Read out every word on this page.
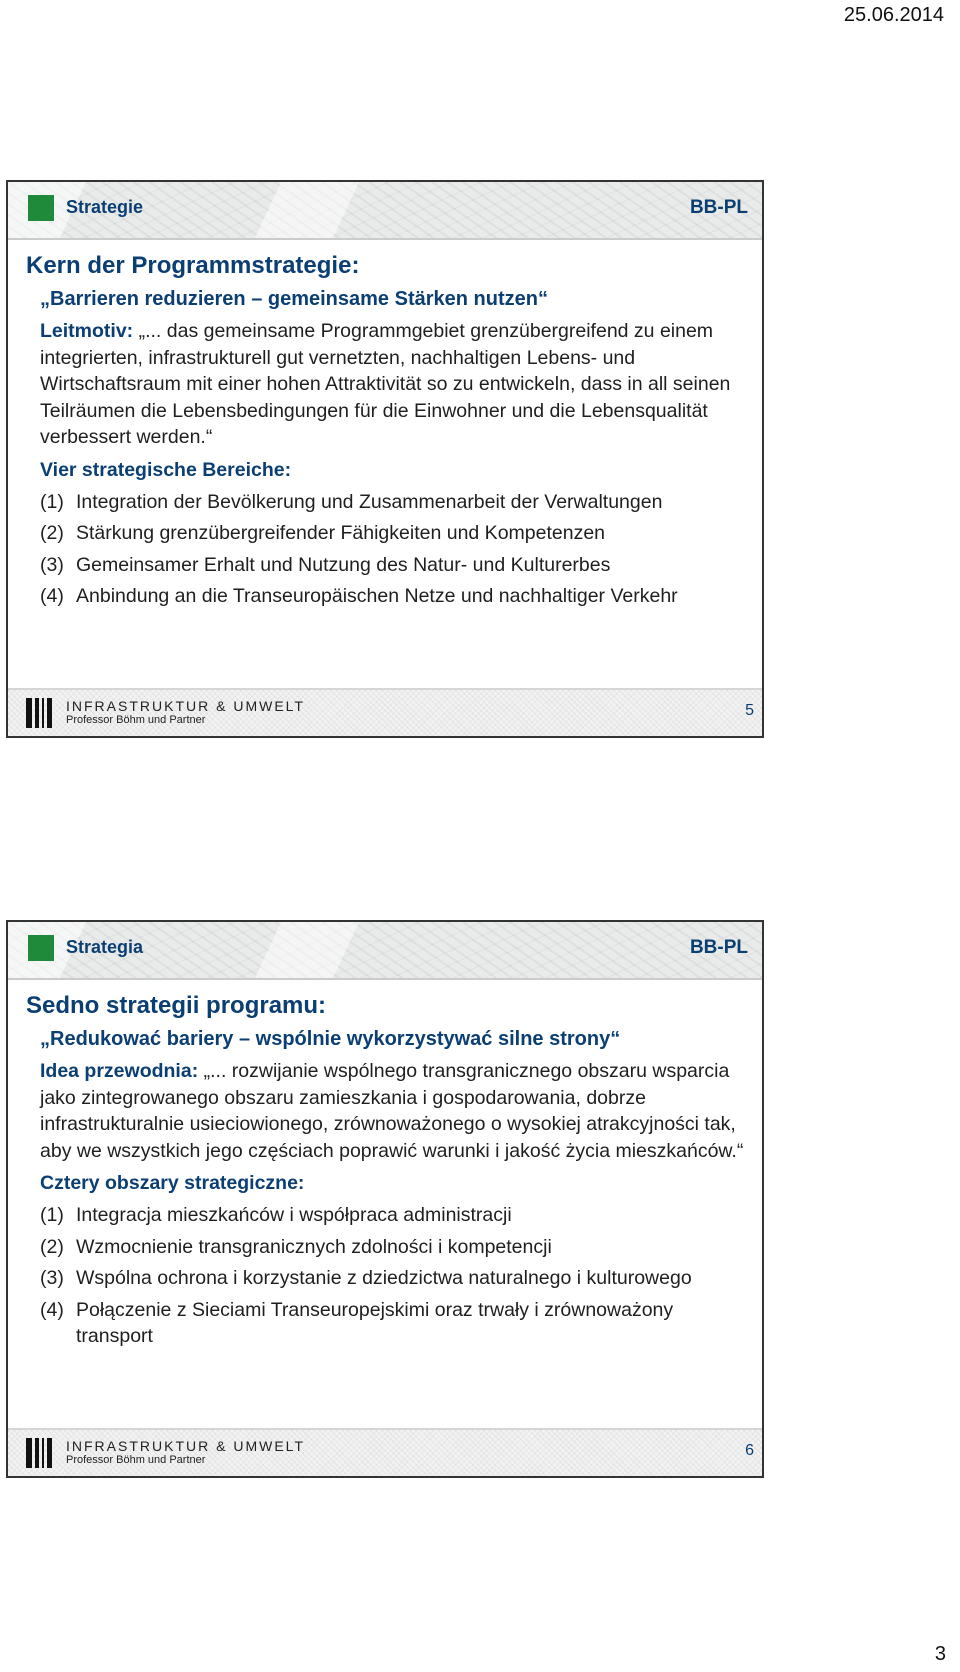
25.06.2014
Strategie	BB-PL
Kern der Programmstrategie:
„Barrieren reduzieren – gemeinsame Stärken nutzen“
Leitmotiv: „... das gemeinsame Programmgebiet grenzübergreifend zu einem integrierten, infrastrukturell gut vernetzten, nachhaltigen Lebens- und Wirtschaftsraum mit einer hohen Attraktivität so zu entwickeln, dass in all seinen Teilräumen die Lebensbedingungen für die Einwohner und die Lebensqualität verbessert werden.“
Vier strategische Bereiche:
(1) Integration der Bevölkerung und Zusammenarbeit der Verwaltungen
(2) Stärkung grenzübergreifender Fähigkeiten und Kompetenzen
(3) Gemeinsamer Erhalt und Nutzung des Natur- und Kulturerbes
(4) Anbindung an die Transeuropäischen Netze und nachhaltiger Verkehr
INFRASTRUKTUR & UMWELT
Professor Böhm und Partner
5
Strategia	BB-PL
Sedno strategii programu:
„Redukować bariery – wspólnie wykorzystywać silne strony“
Idea przewodnia: „... rozwijanie wspólnego transgranicznego obszaru wsparcia jako zintegrowanego obszaru zamieszkania i gospodarowania, dobrze infrastrukturalnie usieciowionego, zrównoważonego o wysokiej atrakcyjności tak, aby we wszystkich jego częściach poprawić warunki i jakość życia mieszkańców.“
Cztery obszary strategiczne:
(1) Integracja mieszkańców i współpraca administracji
(2) Wzmocnienie transgranicznych zdolności i kompetencji
(3) Wspólna ochrona i korzystanie z dziedzictwa naturalnego i kulturowego
(4) Połączenie z Sieciami Transeuropejskimi oraz trwały i zrównoważony transport
INFRASTRUKTUR & UMWELT
Professor Böhm und Partner
6
3
